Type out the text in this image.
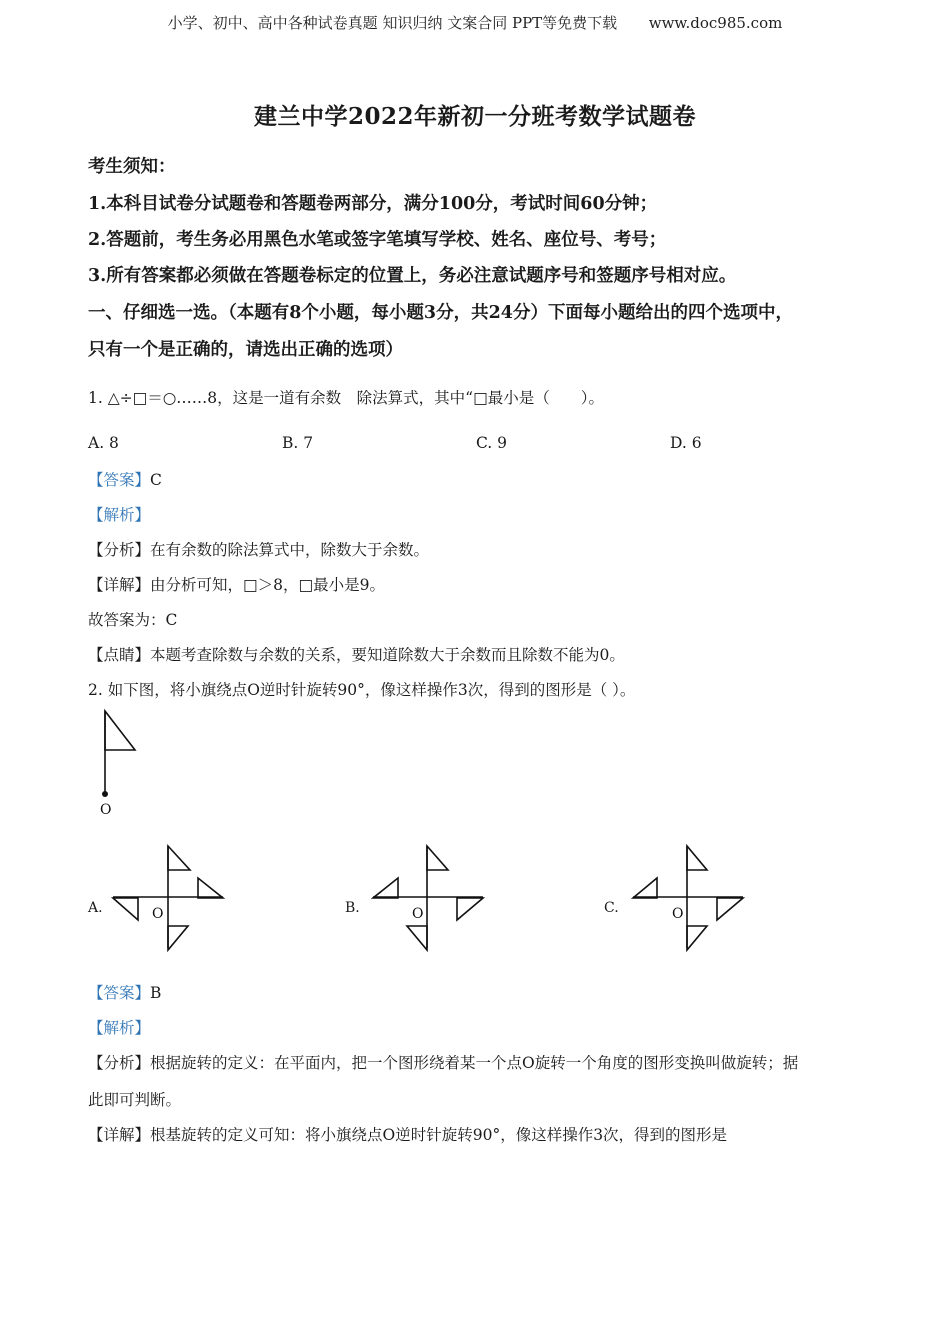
小学、初中、高中各种试卷真题 知识归纳 文案合同 PPT等免费下载 www.doc985.com
建兰中学2022年新初一分班考数学试题卷
考生须知：
1.本科目试卷分试题卷和答题卷两部分，满分100分，考试时间60分钟；
2.答题前，考生务必用黑色水笔或签字笔填写学校、姓名、座位号、考号；
3.所有答案都必须做在答题卷标定的位置上，务必注意试题序号和签题序号相对应。
一、仔细选一选。（本题有8个小题，每小题3分，共24分）下面每小题给出的四个选项中，
只有一个是正确的，请选出正确的选项）
1. △÷□＝○……8，这是一道有余数　除法算式，其中“□最小是（　　）。
A. 8	B. 7	C. 9	D. 6
【答案】C
【解析】
【分析】在有余数的除法算式中，除数大于余数。
【详解】由分析可知，□＞8，□最小是9。
故答案为：C
【点睛】本题考查除数与余数的关系，要知道除数大于余数而且除数不能为0。
2. 如下图，将小旗绕点O逆时针旋转90°，像这样操作3次，得到的图形是（ ）。
O
A.	O	B.	O	C.	O
【答案】B
【解析】
【分析】根据旋转的定义：在平面内，把一个图形绕着某一个点O旋转一个角度的图形变换叫做旋转；据
此即可判断。
【详解】根基旋转的定义可知：将小旗绕点O逆时针旋转90°，像这样操作3次，得到的图形是
